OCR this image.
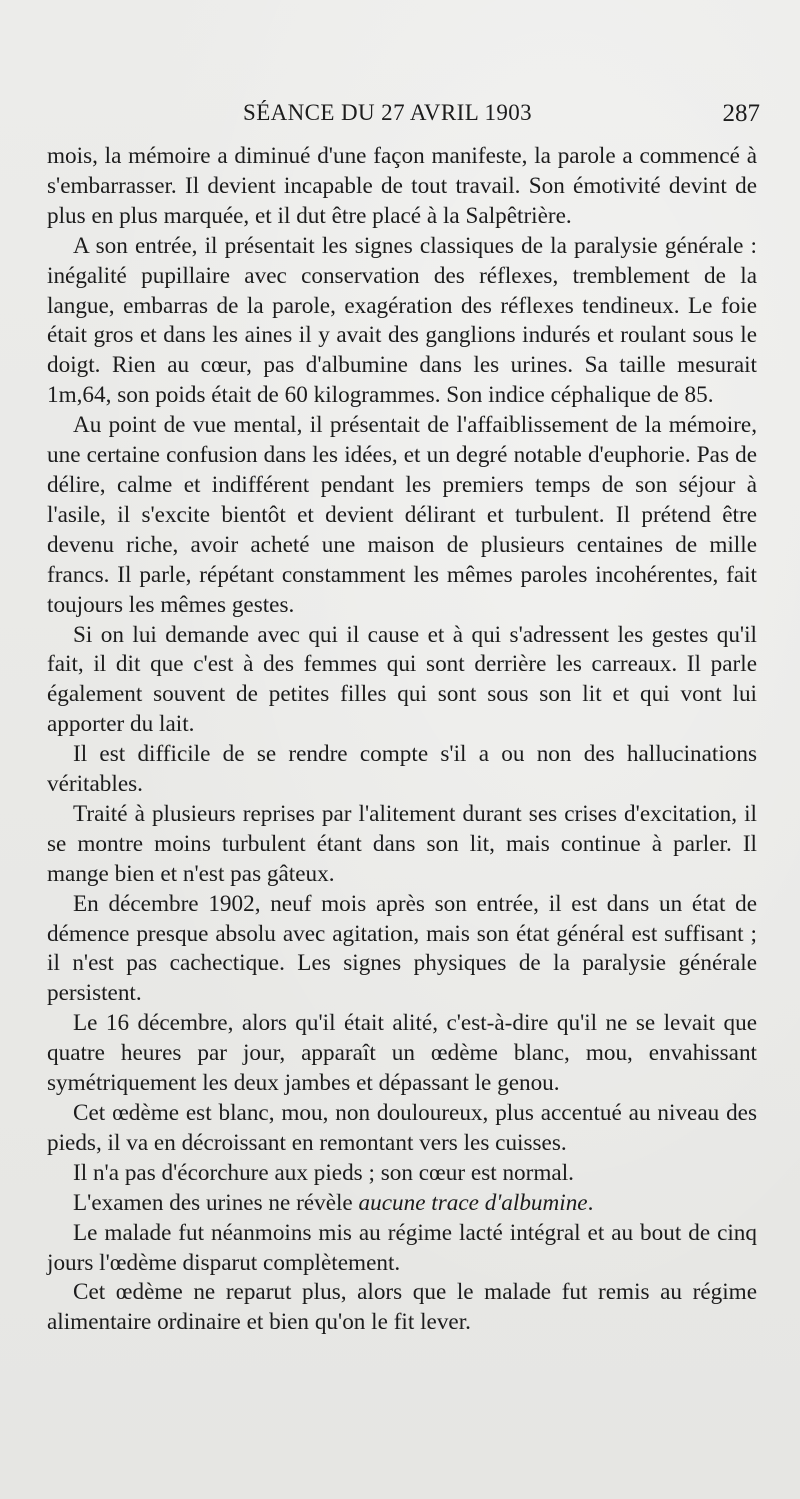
SÉANCE DU 27 AVRIL 1903	287

mois, la mémoire a diminué d'une façon manifeste, la parole a commencé à s'embarrasser. Il devient incapable de tout travail. Son émotivité devint de plus en plus marquée, et il dut être placé à la Salpêtrière.

A son entrée, il présentait les signes classiques de la paralysie générale : inégalité pupillaire avec conservation des réflexes, tremblement de la langue, embarras de la parole, exagération des réflexes tendineux. Le foie était gros et dans les aines il y avait des ganglions indurés et roulant sous le doigt. Rien au cœur, pas d'albumine dans les urines. Sa taille mesurait 1m,64, son poids était de 60 kilogrammes. Son indice céphalique de 85.

Au point de vue mental, il présentait de l'affaiblissement de la mémoire, une certaine confusion dans les idées, et un degré notable d'euphorie. Pas de délire, calme et indifférent pendant les premiers temps de son séjour à l'asile, il s'excite bientôt et devient délirant et turbulent. Il prétend être devenu riche, avoir acheté une maison de plusieurs centaines de mille francs. Il parle, répétant constamment les mêmes paroles incohérentes, fait toujours les mêmes gestes.

Si on lui demande avec qui il cause et à qui s'adressent les gestes qu'il fait, il dit que c'est à des femmes qui sont derrière les carreaux. Il parle également souvent de petites filles qui sont sous son lit et qui vont lui apporter du lait.

Il est difficile de se rendre compte s'il a ou non des hallucinations véritables.

Traité à plusieurs reprises par l'alitement durant ses crises d'excitation, il se montre moins turbulent étant dans son lit, mais continue à parler. Il mange bien et n'est pas gâteux.

En décembre 1902, neuf mois après son entrée, il est dans un état de démence presque absolu avec agitation, mais son état général est suffisant ; il n'est pas cachectique. Les signes physiques de la paralysie générale persistent.

Le 16 décembre, alors qu'il était alité, c'est-à-dire qu'il ne se levait que quatre heures par jour, apparaît un œdème blanc, mou, envahissant symétriquement les deux jambes et dépassant le genou.

Cet œdème est blanc, mou, non douloureux, plus accentué au niveau des pieds, il va en décroissant en remontant vers les cuisses.

Il n'a pas d'écorchure aux pieds ; son cœur est normal.

L'examen des urines ne révèle aucune trace d'albumine.

Le malade fut néanmoins mis au régime lacté intégral et au bout de cinq jours l'œdème disparut complètement.

Cet œdème ne reparut plus, alors que le malade fut remis au régime alimentaire ordinaire et bien qu'on le fit lever.
